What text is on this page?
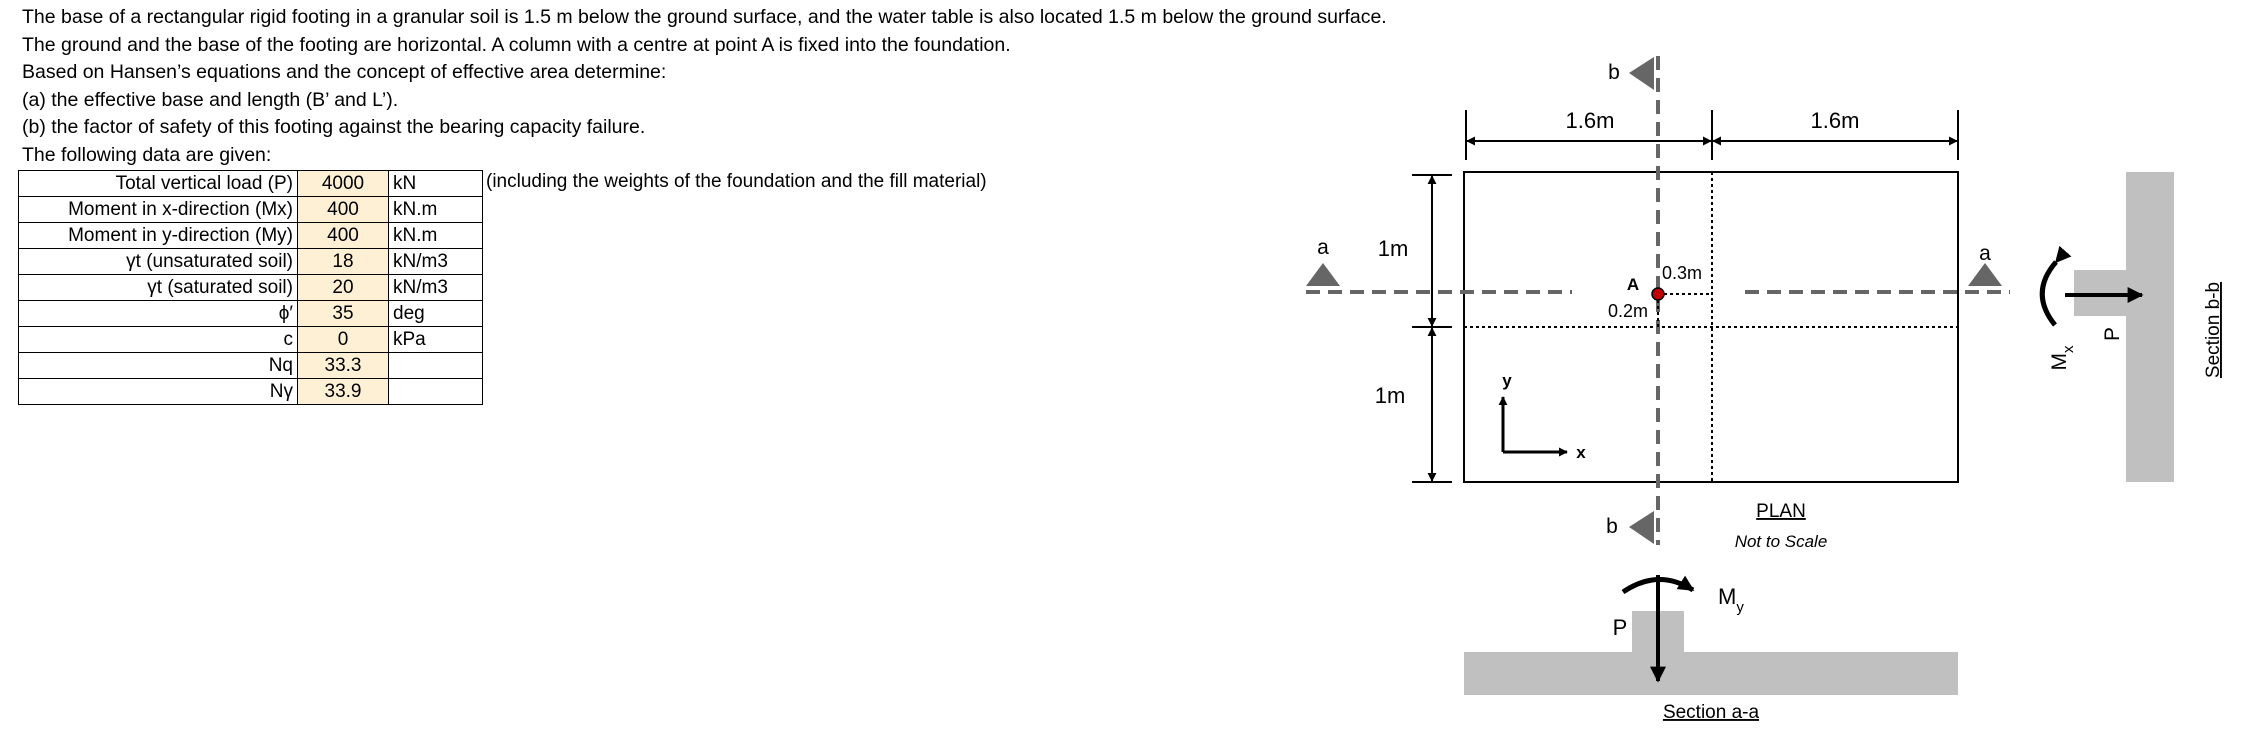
The base of a rectangular rigid footing in a granular soil is 1.5 m below the ground surface, and the water table is also located 1.5 m below the ground surface.
The ground and the base of the footing are horizontal. A column with a centre at point A is fixed into the foundation.
Based on Hansen’s equations and the concept of effective area determine:
(a) the effective base and length (B’ and L’).
(b) the factor of safety of this footing against the bearing capacity failure.
The following data are given:
Total vertical load (P)	4000	kN
Moment in x-direction (Mx)	400	kN.m
Moment in y-direction (My)	400	kN.m
γt (unsaturated soil)	18	kN/m3
γt (saturated soil)	20	kN/m3
ϕ′	35	deg
c	0	kPa
Nq	33.3	
Nγ	33.9	
(including the weights of the foundation and the fill material)
a	a
b
b
A
0.3m
0.2m
1.6m	1.6m
1m
1m
y
x
PLAN
Not to Scale
P
$M_y$
Section a-a
P
$M_x$	Section b-b
